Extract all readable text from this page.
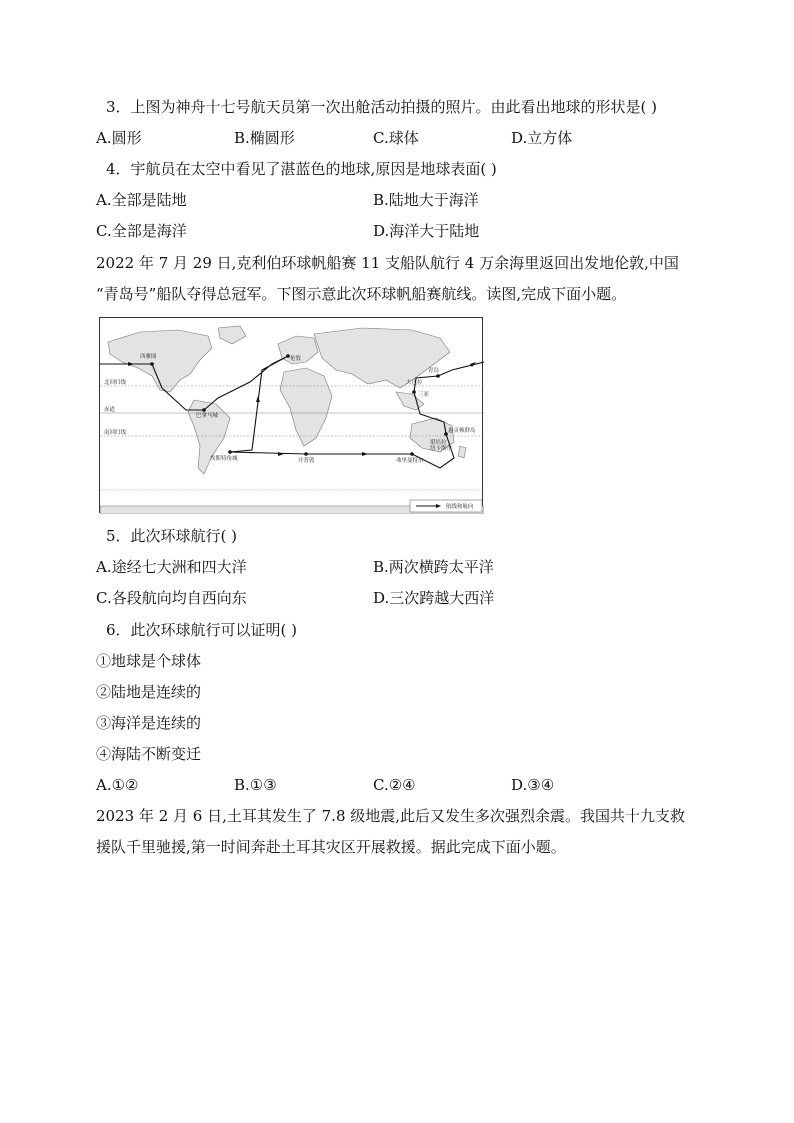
3．上图为神舟十七号航天员第一次出舱活动拍摄的照片。由此看出地球的形状是( )
A.圆形	B.椭圆形	C.球体	D.立方体
4．宇航员在太空中看见了湛蓝色的地球,原因是地球表面( )
A.全部是陆地	B.陆地大于海洋
C.全部是海洋	D.海洋大于陆地
2022 年 7 月 29 日,克利伯环球帆船赛 11 支船队航行 4 万余海里返回出发地伦敦,中国
“青岛号”船队夺得总冠军。下图示意此次环球帆船赛航线。读图,完成下面小题。
北回归线
赤道
南回归线
西雅图	伦敦
巴拿马城
青岛
三亚
大巴拉
堪培拉
纽卡斯尔
埃斯特角城	开普敦	弗里曼特尔
惠灵顿群岛
航线和航向
5．此次环球航行( )
A.途经七大洲和四大洋	B.两次横跨太平洋
C.各段航向均自西向东	D.三次跨越大西洋
6．此次环球航行可以证明( )
①地球是个球体
②陆地是连续的
③海洋是连续的
④海陆不断变迁
A.①②	B.①③	C.②④	D.③④
2023 年 2 月 6 日,土耳其发生了 7.8 级地震,此后又发生多次强烈余震。我国共十九支救
援队千里驰援,第一时间奔赴土耳其灾区开展救援。据此完成下面小题。
